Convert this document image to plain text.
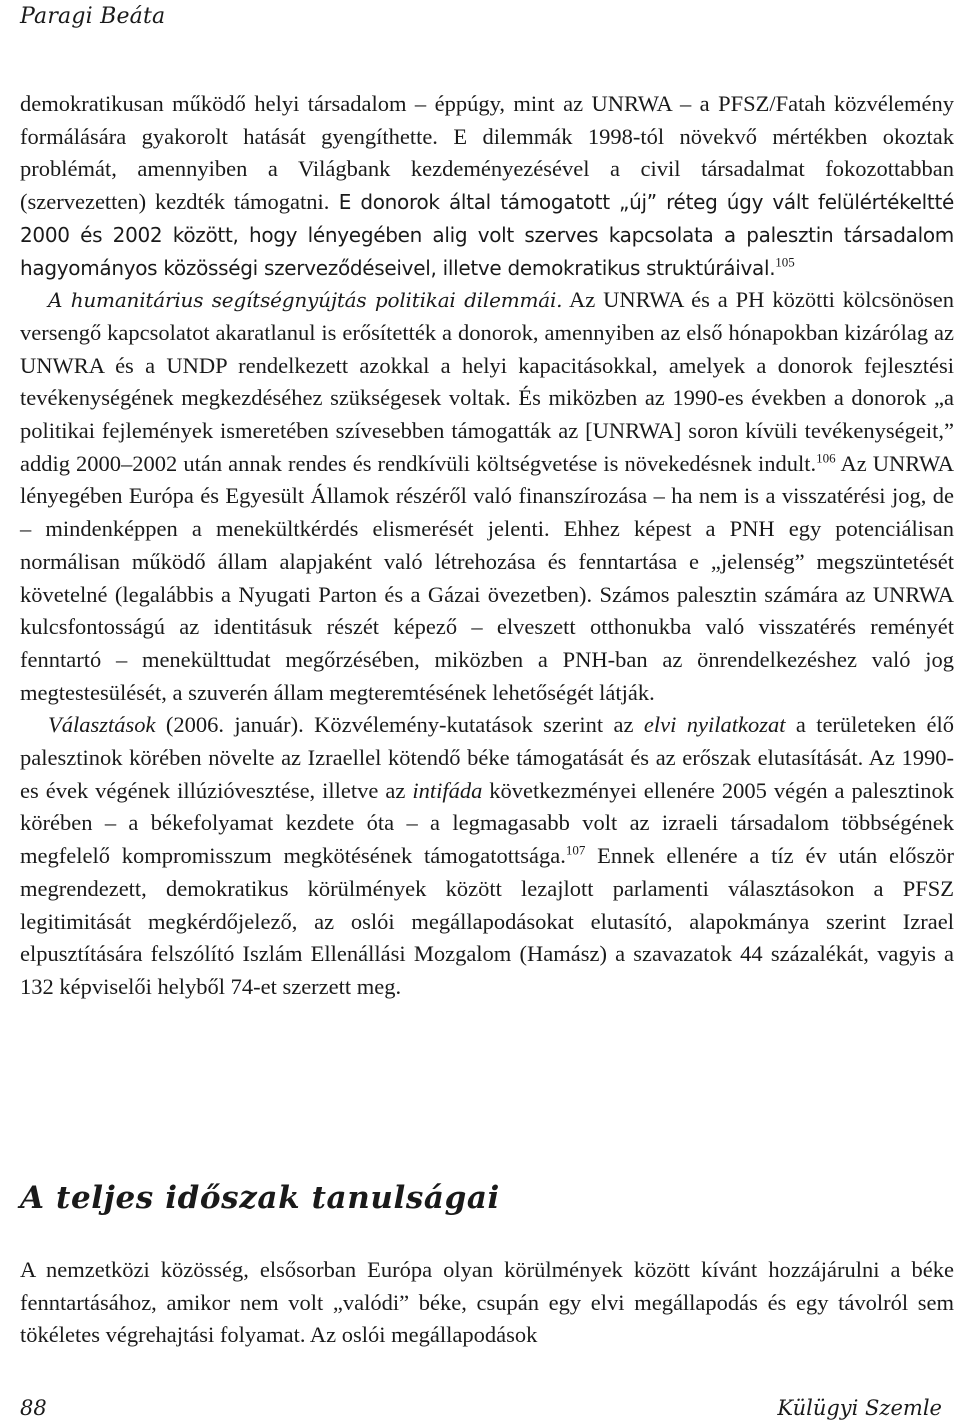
Paragi Beáta

demokratikusan működő helyi társadalom – éppúgy, mint az UNRWA – a PFSZ/Fatah közvélemény formálására gyakorolt hatását gyengíthette. E dilemmák 1998-tól növekvő mértékben okoztak problémát, amennyiben a Világbank kezdeményezésével a civil társadalmat fokozottabban (szervezetten) kezdték támogatni. E donorok által támogatott „új” réteg úgy vált felülértékeltté 2000 és 2002 között, hogy lényegében alig volt szerves kapcsolata a palesztin társadalom hagyományos közösségi szerveződéseivel, illetve demokratikus struktúráival.$^{105}$

A humanitárius segítségnyújtás politikai dilemmái. Az UNRWA és a PH közötti kölcsönösen versengő kapcsolatot akaratlanul is erősítették a donorok, amennyiben az első hónapokban kizárólag az UNWRA és a UNDP rendelkezett azokkal a helyi kapacitásokkal, amelyek a donorok fejlesztési tevékenységének megkezdéséhez szükségesek voltak. És miközben az 1990-es években a donorok „a politikai fejlemények ismeretében szívesebben támogatták az [UNRWA] soron kívüli tevékenységeit,” addig 2000–2002 után annak rendes és rendkívüli költségvetése is növekedésnek indult.$^{106}$ Az UNRWA lényegében Európa és Egyesült Államok részéről való finanszírozása – ha nem is a visszatérési jog, de – mindenképpen a menekültkérdés elismerését jelenti. Ehhez képest a PNH egy potenciálisan normálisan működő állam alapjaként való létrehozása és fenntartása e „jelenség” megszüntetését követelné (legalábbis a Nyugati Parton és a Gázai övezetben). Számos palesztin számára az UNRWA kulcsfontosságú az identitásuk részét képező – elveszett otthonukba való visszatérés reményét fenntartó – menekülttudat megőrzésében, miközben a PNH-ban az önrendelkezéshez való jog megtestesülését, a szuverén állam megteremtésének lehetőségét látják.

Választások (2006. január). Közvélemény-kutatások szerint az elvi nyilatkozat a területeken élő palesztinok körében növelte az Izraellel kötendő béke támogatását és az erőszak elutasítását. Az 1990-es évek végének illúzióvesztése, illetve az intifáda következményei ellenére 2005 végén a palesztinok körében – a békefolyamat kezdete óta – a legmagasabb volt az izraeli társadalom többségének megfelelő kompromisszum megkötésének támogatottsága.$^{107}$ Ennek ellenére a tíz év után először megrendezett, demokratikus körülmények között lezajlott parlamenti választásokon a PFSZ legitimitását megkérdőjelező, az oslói megállapodásokat elutasító, alapokmánya szerint Izrael elpusztítására felszólító Iszlám Ellenállási Mozgalom (Hamász) a szavazatok 44 százalékát, vagyis a 132 képviselői helyből 74-et szerzett meg.

A teljes időszak tanulságai

A nemzetközi közösség, elsősorban Európa olyan körülmények között kívánt hozzájárulni a béke fenntartásához, amikor nem volt „valódi” béke, csupán egy elvi megállapodás és egy távolról sem tökéletes végrehajtási folyamat. Az oslói megállapodások

88	Külügyi Szemle
